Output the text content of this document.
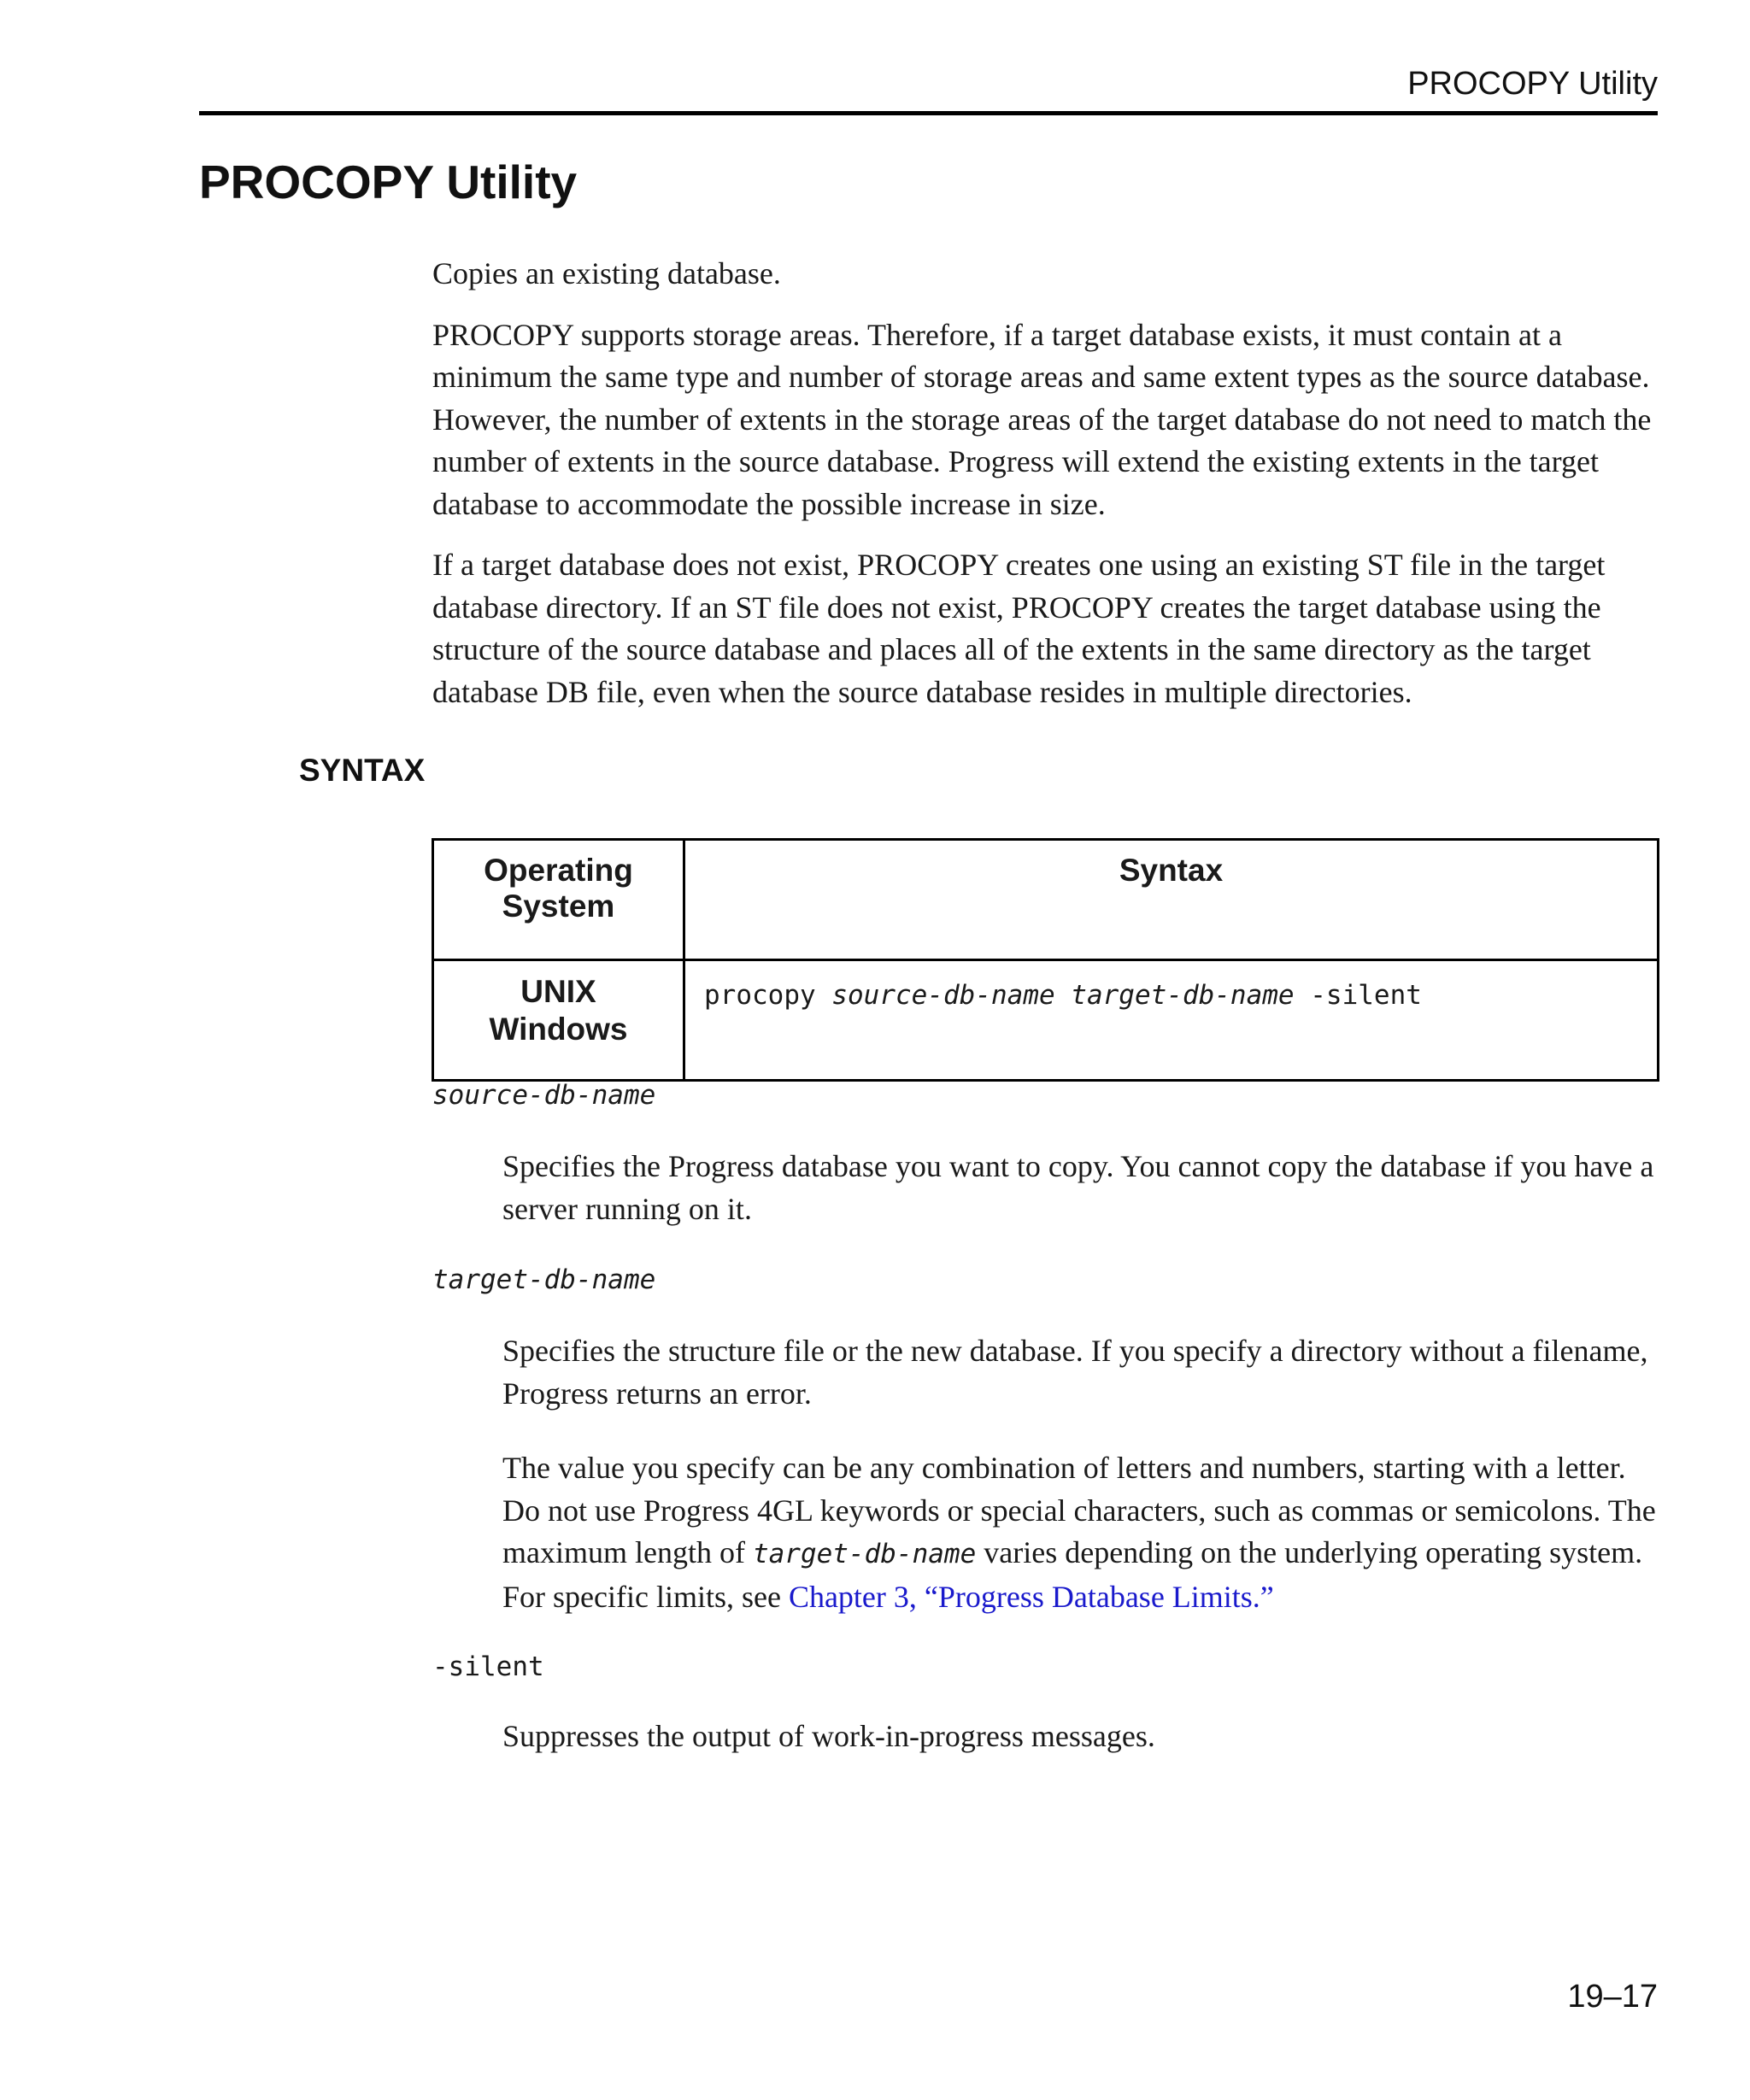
PROCOPY Utility
PROCOPY Utility

Copies an existing database.

PROCOPY supports storage areas. Therefore, if a target database exists, it must contain at a minimum the same type and number of storage areas and same extent types as the source database. However, the number of extents in the storage areas of the target database do not need to match the number of extents in the source database. Progress will extend the existing extents in the target database to accommodate the possible increase in size.

If a target database does not exist, PROCOPY creates one using an existing ST file in the target database directory. If an ST file does not exist, PROCOPY creates the target database using the structure of the source database and places all of the extents in the same directory as the target database DB file, even when the source database resides in multiple directories.

SYNTAX
Operating
System	Syntax
UNIX
Windows	procopy source-db-name target-db-name -silent
source-db-name

Specifies the Progress database you want to copy. You cannot copy the database if you have a server running on it.

target-db-name

Specifies the structure file or the new database. If you specify a directory without a filename, Progress returns an error.

The value you specify can be any combination of letters and numbers, starting with a letter. Do not use Progress 4GL keywords or special characters, such as commas or semicolons. The maximum length of target-db-name varies depending on the underlying operating system. For specific limits, see Chapter 3, “Progress Database Limits.”

-silent

Suppresses the output of work-in-progress messages.

19–17
